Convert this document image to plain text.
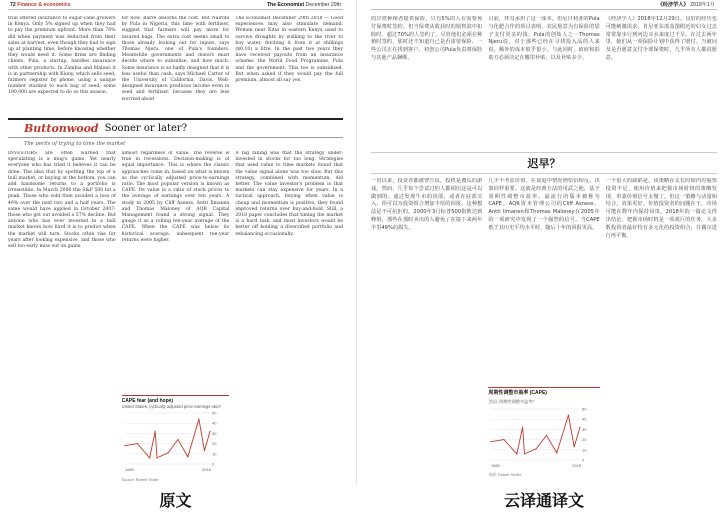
72 Finance & economics	The Economist December 29th
trial offered insurance to sugar-cane growers in Kenya. Only 5% signed up when they had to pay the premium upfront. More than 70% did when payment was deducted from their sales at harvest, even though they had to sign up at planting time, before knowing whether they would need it. Some firms are finding clients. Pula, a startup, handles insurance with other products. In Zambia and Malawi it is in partnership with Kiuny, which sells seed; farmers register by phone, using a unique number stacked to each bag of seed; some 190,000 are expected to do so this season.
for now. Barre absorbs the cost. But Nairobi by Pula in Nigeria, this time with fertiliser, suggest that farmers will pay more for insured bags. The extra cost seems small to those already looking out for inputs, says Thomas Njeru, one of Pula's founders. Meanwhile governments and donors must decide where to subsidise, and how much. Some insurance is so badly designed that it is less useful than cash, says Michael Carter of the University of California, Davis. Well-designed insurance produces income even in seed and fertiliser, because they are less worried about
The Economist December 29th 2018 — Good experiences may also stimulate demand. Women near Kitui in eastern Kenya used to survive droughts by walking to the river to buy water, fetching it from it at shillings ($0.10) a litre. In the past two years they have received payouts from an insurance scheme: the World Food Programme, Pula and the government. This too is subsidised. But when asked if they would pay the full premium, almost all say yes.
Buttonwood Sooner or later?
The perils of trying to time the market
INVESTORS are often warned that speculating is a mug's game. Yet nearly everyone who has tried it believes it can be done. The idea that by spotting the top of a bull market, or buying at the bottom, you can add handsome returns to a portfolio is irresistible. In March 2000 the S&P 500 hit a peak. Those who sold then avoided a loss of 49% over the next two and a half years. The same would have applied in October 2007: those who got out avoided a 57% decline. But anyone who has ever invested in a bull market knows how hard it is to predict when the market will turn. Stocks often rise for years after looking expensive, and those who sell too early miss out on gains.
almost regardless of value. The reverse is true in recessions. Decision-making is of equal importance. This is where the classic approaches come in, based on what is known as the cyclically adjusted price-to-earnings ratio. The most popular version is known as CAPE. Its value is a ratio of stock prices to the average of earnings over ten years. A study in 2005 by Cliff Asness, Antti Ilmanen and Thomas Maloney of AQR Capital Management found a strong signal. They gauge it as a rolling ten-year average of the CAPE. When the CAPE was below its historical average, subsequent ten-year returns were higher.
CAPE fear (and hope)
United States, cyclically adjusted price-earnings ratio*
0
10
20
30
40
50
1880	2018
Source: Robert Shiller
A big falling was that the strategy under-invested in stocks for too long. Strategies that used value to time markets found that the value signal alone was too slow. But this strategy, combined with momentum, did better. The value investor's problem is that markets can stay expensive for years. In a tactical approach, buying when value is cheap and momentum is positive, they found improved returns over buy-and-hold. Still, a 2018 paper concludes that timing the market is a hard task, and most investors would be better off holding a diversified portfolio and rebalancing occasionally.
《经济学人》 2018年1月
的甘蔗种植者提供保险，只有5%的人在需要预付保费时签约。但当保费从收获时的销售款中扣除时，超过70%的人签约了，尽管他们必须在种植时签约，那时还不知道自己是否需要保险。一些公司正在找到客户。初创公司Pula负责将保险与其他产品捆绑。
目前，拜耳承担了这一成本。但尼日利亚的Pula与化肥合作的项目表明，农民愿意为有保险的袋子支付更多的钱。Pula的创始人之一Thomas Njeru说，对于那些已经在寻找投入品的人来说，额外的成本似乎很小。与此同时，政府和捐助方必须决定在哪里补贴，以及补贴多少。
《经济学人》2018年12月29日。良好的经历也可能刺激需求。肯尼亚东部基图附近的妇女过去常常靠步行到河边买水来度过干旱。在过去两年里，她们从一项保险计划中获得了赔付。当被问及是否愿意支付全部保费时，几乎所有人都说愿意。
迟早？
一直以来，投资者都被警告说，投机是傻瓜的游戏。然而，几乎每个尝试过的人都相信这是可以做到的。通过发现牛市的顶部，或者在底部买入，你可以为投资组合增加丰厚的回报，这种想法是不可抗拒的。2000年3月标普500指数达到峰值，那些在那时卖出的人避免了在接下来两年半里49%的损失。
几乎不考虑价值。在衰退中情况则恰恰相反。决策同样重要。这就是经典方法的用武之地，基于周期性调整市盈率。最流行的版本被称为CAPE。AQR资本管理公司的Cliff Asness、Antti Ilmanen和Thomas Maloney在2005年的一项研究中发现了一个强烈的信号。当CAPE低于其历史平均水平时，随后十年的回报更高。
周期性调整市盈率 (CAPE)
美国, 周期性调整市盈率*
0
10
20
30
40
50
1880	2018
来源: Robert Shiller
一个很大的缺陷是，该策略在太长时间内对股票投资不足。使用价值来把握市场时机的策略发现，单靠价值信号太慢了。但这一策略与动量相结合，效果更好。价值投资者的问题在于，市场可能在数年内保持昂贵。2018年的一篇论文得出结论，把握市场时机是一项艰巨的任务，大多数投资者最好持有多元化的投资组合，并偶尔进行再平衡。
原文	云译通译文
